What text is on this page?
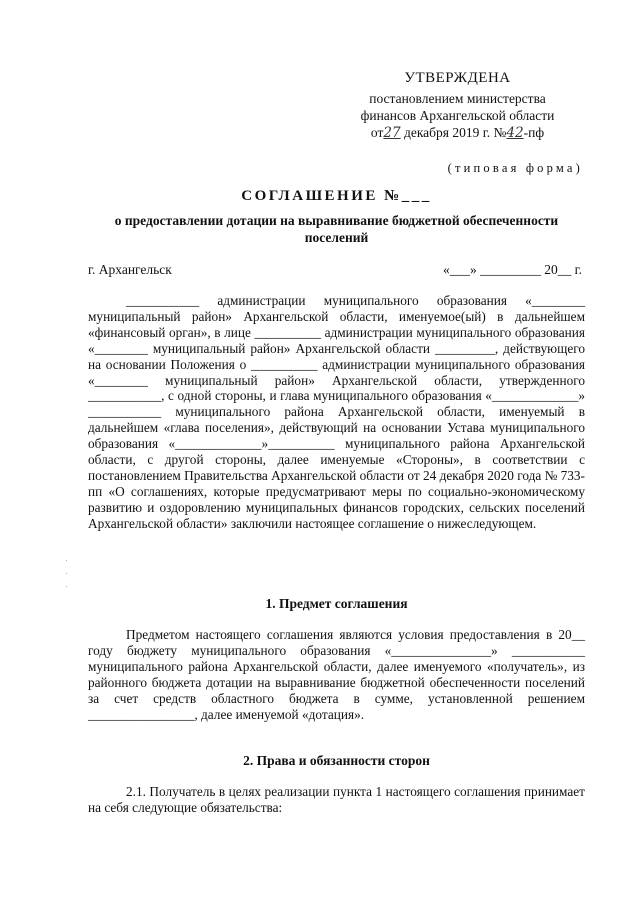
УТВЕРЖДЕНА
постановлением министерства
финансов Архангельской области
от27 декабря 2019 г. №42-пф
(типовая форма)
СОГЛАШЕНИЕ №___
о предоставлении дотации на выравнивание бюджетной обеспеченности поселений
г. Архангельск	«___» _________ 20__ г.

___________ администрации муниципального образования «________ муниципальный район» Архангельской области, именуемое(ый) в дальнейшем «финансовый орган», в лице __________ администрации муниципального образования «________ муниципальный район» Архангельской области _________, действующего на основании Положения о __________ администрации муниципального образования «________ муниципальный район» Архангельской области, утвержденного ___________, с одной стороны, и глава муниципального образования «_____________» ___________ муниципального района Архангельской области, именуемый в дальнейшем «глава поселения», действующий на основании Устава муниципального образования «_____________»__________ муниципального района Архангельской области, с другой стороны, далее именуемые «Стороны», в соответствии с постановлением Правительства Архангельской области от 24 декабря 2020 года № 733-пп «О соглашениях, которые предусматривают меры по социально-экономическому развитию и оздоровлению муниципальных финансов городских, сельских поселений Архангельской области» заключили настоящее соглашение о нижеследующем.

1. Предмет соглашения

Предметом настоящего соглашения являются условия предоставления в 20__ году бюджету муниципального образования «_______________» ___________ муниципального района Архангельской области, далее именуемого «получатель», из районного бюджета дотации на выравнивание бюджетной обеспеченности поселений за счет средств областного бюджета в сумме, установленной решением ________________, далее именуемой «дотация».

2. Права и обязанности сторон

2.1. Получатель в целях реализации пункта 1 настоящего соглашения принимает на себя следующие обязательства:
